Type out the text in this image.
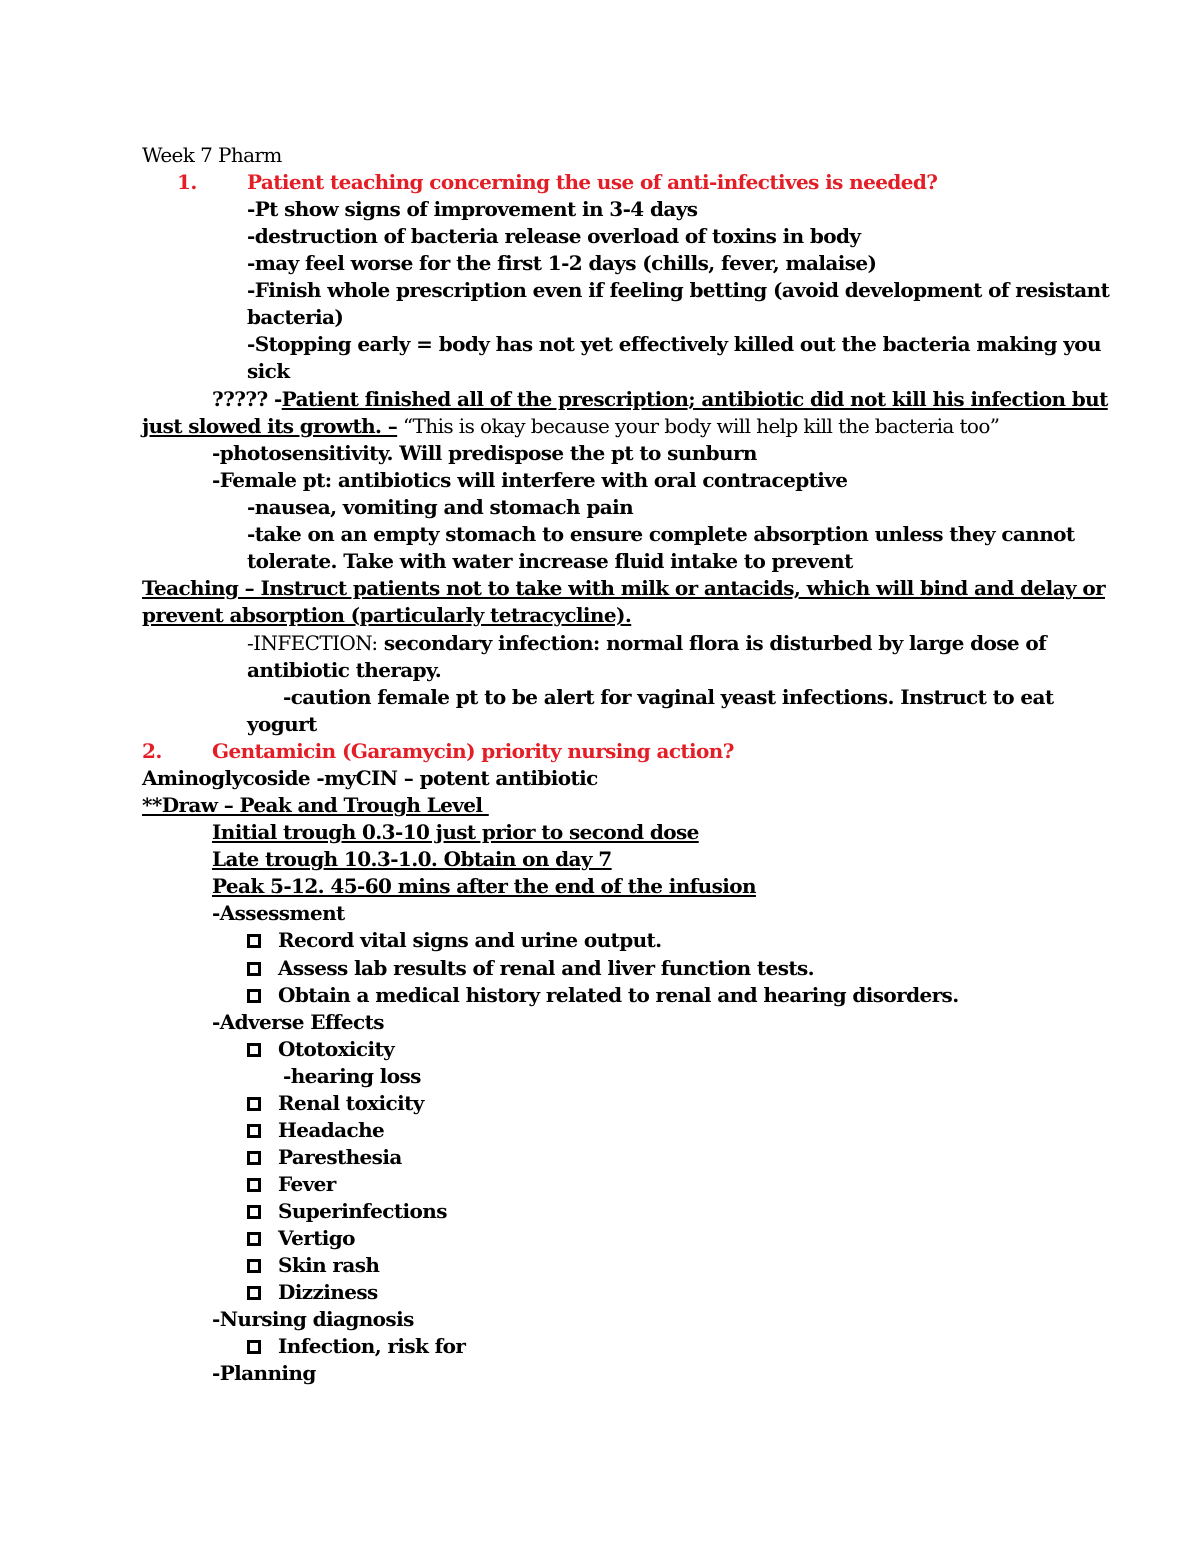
Week 7 Pharm
1.	Patient teaching concerning the use of anti-infectives is needed?
-Pt show signs of improvement in 3-4 days
-destruction of bacteria release overload of toxins in body
-may feel worse for the first 1-2 days (chills, fever, malaise)
-Finish whole prescription even if feeling betting (avoid development of resistant
bacteria)
-Stopping early = body has not yet effectively killed out the bacteria making you
sick
????? -Patient finished all of the prescription; antibiotic did not kill his infection but
just slowed its growth. – “This is okay because your body will help kill the bacteria too”
-photosensitivity. Will predispose the pt to sunburn
-Female pt: antibiotics will interfere with oral contraceptive
-nausea, vomiting and stomach pain
-take on an empty stomach to ensure complete absorption unless they cannot
tolerate. Take with water increase fluid intake to prevent
Teaching – Instruct patients not to take with milk or antacids, which will bind and delay or
prevent absorption (particularly tetracycline).
-INFECTION: secondary infection: normal flora is disturbed by large dose of
antibiotic therapy.
-caution female pt to be alert for vaginal yeast infections. Instruct to eat
yogurt
2.	Gentamicin (Garamycin) priority nursing action?
Aminoglycoside -myCIN – potent antibiotic
**Draw – Peak and Trough Level
Initial trough 0.3-10 just prior to second dose
Late trough 10.3-1.0. Obtain on day 7
Peak 5-12. 45-60 mins after the end of the infusion
-Assessment
Record vital signs and urine output.
Assess lab results of renal and liver function tests.
Obtain a medical history related to renal and hearing disorders.
-Adverse Effects
Ototoxicity
-hearing loss
Renal toxicity
Headache
Paresthesia
Fever
Superinfections
Vertigo
Skin rash
Dizziness
-Nursing diagnosis
Infection, risk for
-Planning
